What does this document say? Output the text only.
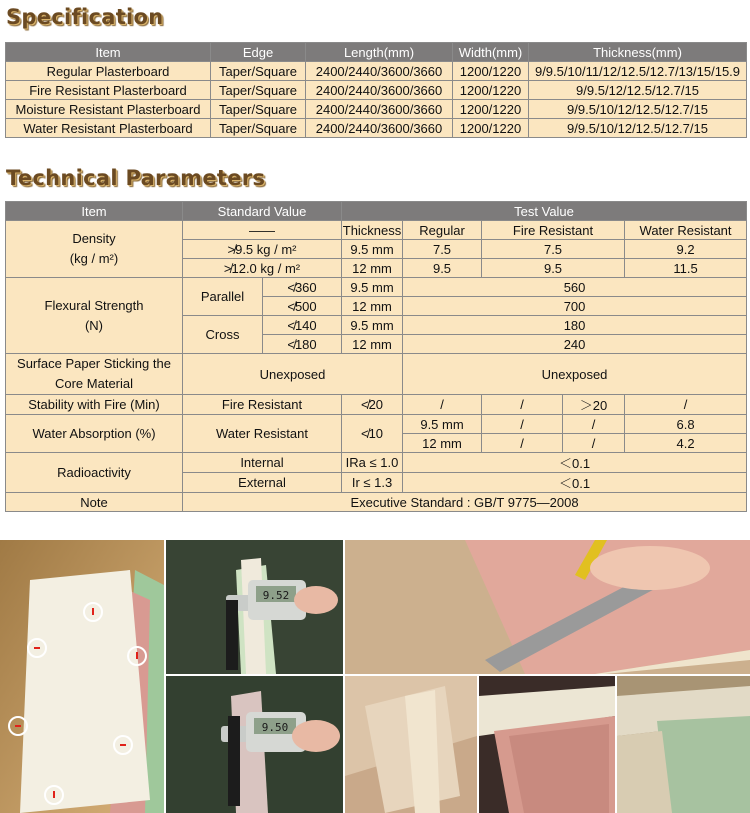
Specification
Item	Edge	Length(mm)	Width(mm)	Thickness(mm)
Regular Plasterboard	Taper/Square	2400/2440/3600/3660	1200/1220	9/9.5/10/11/12/12.5/12.7/13/15/15.9
Fire Resistant Plasterboard	Taper/Square	2400/2440/3600/3660	1200/1220	9/9.5/12/12.5/12.7/15
Moisture Resistant Plasterboard	Taper/Square	2400/2440/3600/3660	1200/1220	9/9.5/10/12/12.5/12.7/15
Water Resistant Plasterboard	Taper/Square	2400/2440/3600/3660	1200/1220	9/9.5/10/12/12.5/12.7/15
Technical Parameters
Item	Standard Value		Test Value				

Density
(kg / m²)	——		Thickness	Regular	Fire Resistant		Water Resistant
	≯9.5 kg / m²		9.5 mm	7.5	7.5		9.2
	≯12.0 kg / m²		12 mm	9.5	9.5		11.5

Flexural Strength
(N)	Parallel	≮360	9.5 mm	560			
		≮500	12 mm	700			
	Cross	≮140	9.5 mm	180			
		≮180	12 mm	240			

Surface Paper Sticking the
Core Material	Unexposed			Unexposed			
Stability with Fire (Min)	Fire Resistant		≮20	/	/	＞20	/
Water Absorption (%)	Water Resistant		≮10	9.5 mm	/	/	6.8
				12 mm	/	/	4.2
Radioactivity	Internal		IRa ≤ 1.0	＜0.1			
	External		Ir ≤ 1.3	＜0.1			
Note	Executive Standard : GB/T 9775—2008						
9.52
9.50
